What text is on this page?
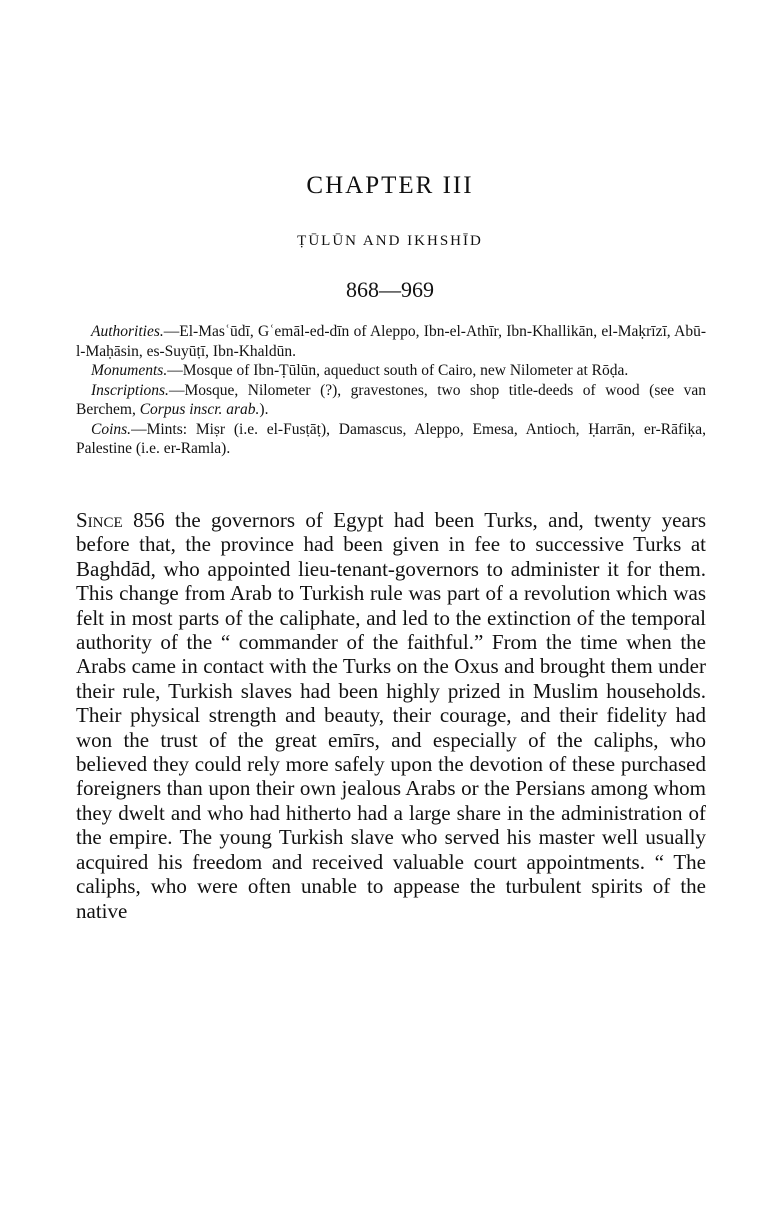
CHAPTER III
ṬŪLŪN AND IKHSHĪD
868—969

Authorities.—El-Masʿūdī, Gʿemāl-ed-dīn of Aleppo, Ibn-el-Athīr, Ibn-Khallikān, el-Maḳrīzī, Abū-l-Maḥāsin, es-Suyūṭī, Ibn-Khaldūn.

Monuments.—Mosque of Ibn-Ṭūlūn, aqueduct south of Cairo, new Nilometer at Rōḍa.

Inscriptions.—Mosque, Nilometer (?), gravestones, two shop title-deeds of wood (see van Berchem, Corpus inscr. arab.).

Coins.—Mints: Miṣr (i.e. el-Fusṭāṭ), Damascus, Aleppo, Emesa, Antioch, Ḥarrān, er-Rāfiḳa, Palestine (i.e. er-Ramla).

Since 856 the governors of Egypt had been Turks, and, twenty years before that, the province had been given in fee to successive Turks at Baghdād, who appointed lieu-tenant-governors to administer it for them. This change from Arab to Turkish rule was part of a revolution which was felt in most parts of the caliphate, and led to the extinction of the temporal authority of the “ commander of the faithful.” From the time when the Arabs came in contact with the Turks on the Oxus and brought them under their rule, Turkish slaves had been highly prized in Muslim households. Their physical strength and beauty, their courage, and their fidelity had won the trust of the great emīrs, and especially of the caliphs, who believed they could rely more safely upon the devotion of these purchased foreigners than upon their own jealous Arabs or the Persians among whom they dwelt and who had hitherto had a large share in the administration of the empire. The young Turkish slave who served his master well usually acquired his freedom and received valuable court appointments. “ The caliphs, who were often unable to appease the turbulent spirits of the native
